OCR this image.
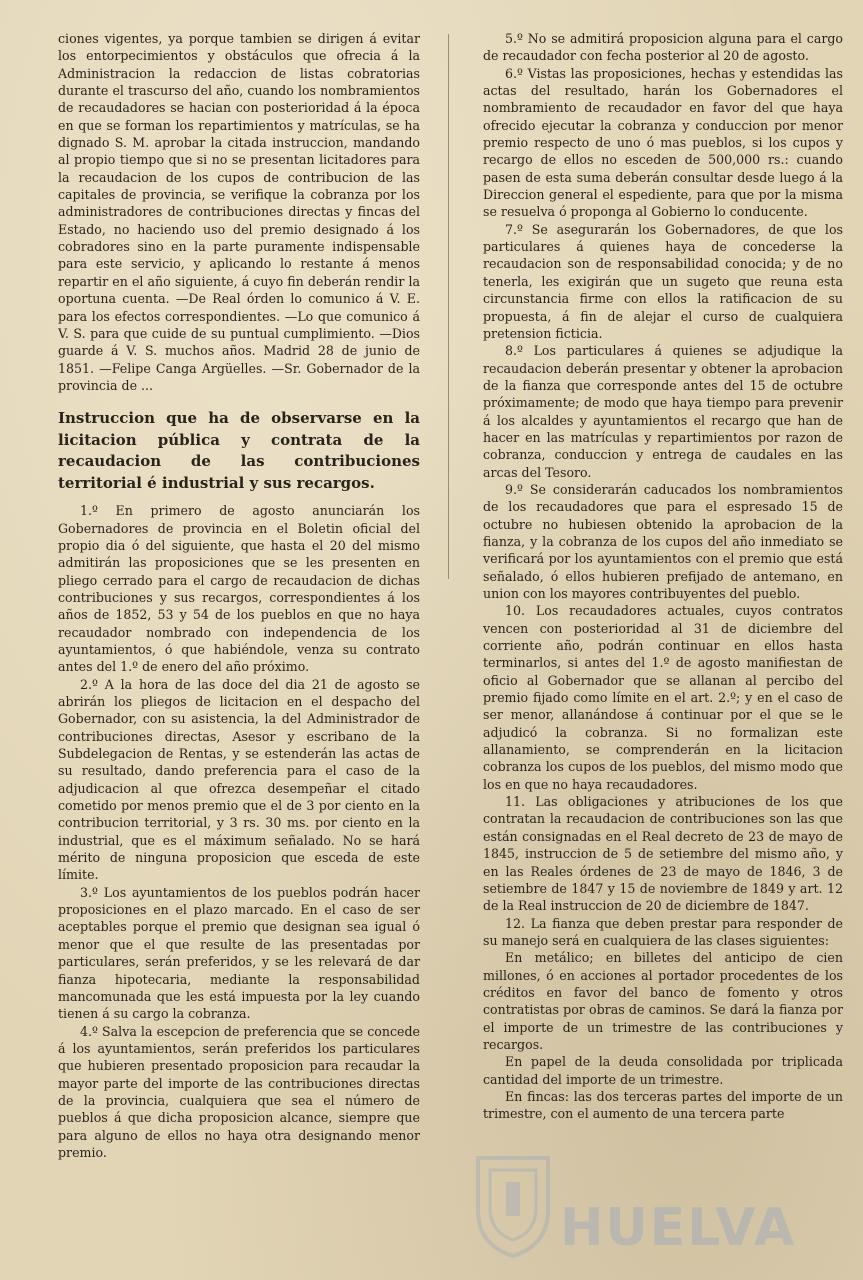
ciones vigentes, ya porque tambien se dirigen á evitar los entorpecimientos y obstáculos que ofrecia á la Administracion la redaccion de listas cobratorias durante el trascurso del año, cuando los nombramientos de recaudadores se hacian con posterioridad á la época en que se forman los repartimientos y matrículas, se ha dignado S. M. aprobar la citada instruccion, mandando al propio tiempo que si no se presentan licitadores para la recaudacion de los cupos de contribucion de las capitales de provincia, se verifique la cobranza por los administradores de contribuciones directas y fincas del Estado, no haciendo uso del premio designado á los cobradores sino en la parte puramente indispensable para este servicio, y aplicando lo restante á menos repartir en el año siguiente, á cuyo fin deberán rendir la oportuna cuenta. —De Real órden lo comunico á V. E. para los efectos correspondientes. —Lo que comunico á V. S. para que cuide de su puntual cumplimiento. —Dios guarde á V. S. muchos años. Madrid 28 de junio de 1851. —Felipe Canga Argüelles. —Sr. Gobernador de la provincia de ...

Instruccion que ha de observarse en la licitacion pública y contrata de la recaudacion de las contribuciones territorial é industrial y sus recargos.

1.º En primero de agosto anunciarán los Gobernadores de provincia en el Boletin oficial del propio dia ó del siguiente, que hasta el 20 del mismo admitirán las proposiciones que se les presenten en pliego cerrado para el cargo de recaudacion de dichas contribuciones y sus recargos, correspondientes á los años de 1852, 53 y 54 de los pueblos en que no haya recaudador nombrado con independencia de los ayuntamientos, ó que habiéndole, venza su contrato antes del 1.º de enero del año próximo.

2.º A la hora de las doce del dia 21 de agosto se abrirán los pliegos de licitacion en el despacho del Gobernador, con su asistencia, la del Administrador de contribuciones directas, Asesor y escribano de la Subdelegacion de Rentas, y se estenderán las actas de su resultado, dando preferencia para el caso de la adjudicacion al que ofrezca desempeñar el citado cometido por menos premio que el de 3 por ciento en la contribucion territorial, y 3 rs. 30 ms. por ciento en la industrial, que es el máximum señalado. No se hará mérito de ninguna proposicion que esceda de este límite.

3.º Los ayuntamientos de los pueblos podrán hacer proposiciones en el plazo marcado. En el caso de ser aceptables porque el premio que designan sea igual ó menor que el que resulte de las presentadas por particulares, serán preferidos, y se les relevará de dar fianza hipotecaria, mediante la responsabilidad mancomunada que les está impuesta por la ley cuando tienen á su cargo la cobranza.

4.º Salva la escepcion de preferencia que se concede á los ayuntamientos, serán preferidos los particulares que hubieren presentado proposicion para recaudar la mayor parte del importe de las contribuciones directas de la provincia, cualquiera que sea el número de pueblos á que dicha proposicion alcance, siempre que para alguno de ellos no haya otra designando menor premio.

5.º No se admitirá proposicion alguna para el cargo de recaudador con fecha posterior al 20 de agosto.

6.º Vistas las proposiciones, hechas y estendidas las actas del resultado, harán los Gobernadores el nombramiento de recaudador en favor del que haya ofrecido ejecutar la cobranza y conduccion por menor premio respecto de uno ó mas pueblos, si los cupos y recargo de ellos no esceden de 500,000 rs.: cuando pasen de esta suma deberán consultar desde luego á la Direccion general el espediente, para que por la misma se resuelva ó proponga al Gobierno lo conducente.

7.º Se asegurarán los Gobernadores, de que los particulares á quienes haya de concederse la recaudacion son de responsabilidad conocida; y de no tenerla, les exigirán que un sugeto que reuna esta circunstancia firme con ellos la ratificacion de su propuesta, á fin de alejar el curso de cualquiera pretension ficticia.

8.º Los particulares á quienes se adjudique la recaudacion deberán presentar y obtener la aprobacion de la fianza que corresponde antes del 15 de octubre próximamente; de modo que haya tiempo para prevenir á los alcaldes y ayuntamientos el recargo que han de hacer en las matrículas y repartimientos por razon de cobranza, conduccion y entrega de caudales en las arcas del Tesoro.

9.º Se considerarán caducados los nombramientos de los recaudadores que para el espresado 15 de octubre no hubiesen obtenido la aprobacion de la fianza, y la cobranza de los cupos del año inmediato se verificará por los ayuntamientos con el premio que está señalado, ó ellos hubieren prefijado de antemano, en union con los mayores contribuyentes del pueblo.

10. Los recaudadores actuales, cuyos contratos vencen con posterioridad al 31 de diciembre del corriente año, podrán continuar en ellos hasta terminarlos, si antes del 1.º de agosto manifiestan de oficio al Gobernador que se allanan al percibo del premio fijado como límite en el art. 2.º; y en el caso de ser menor, allanándose á continuar por el que se le adjudicó la cobranza. Si no formalizan este allanamiento, se comprenderán en la licitacion cobranza los cupos de los pueblos, del mismo modo que los en que no haya recaudadores.

11. Las obligaciones y atribuciones de los que contratan la recaudacion de contribuciones son las que están consignadas en el Real decreto de 23 de mayo de 1845, instruccion de 5 de setiembre del mismo año, y en las Reales órdenes de 23 de mayo de 1846, 3 de setiembre de 1847 y 15 de noviembre de 1849 y art. 12 de la Real instruccion de 20 de diciembre de 1847.

12. La fianza que deben prestar para responder de su manejo será en cualquiera de las clases siguientes:

En metálico; en billetes del anticipo de cien millones, ó en acciones al portador procedentes de los créditos en favor del banco de fomento y otros contratistas por obras de caminos. Se dará la fianza por el importe de un trimestre de las contribuciones y recargos.

En papel de la deuda consolidada por triplicada cantidad del importe de un trimestre.

En fincas: las dos terceras partes del importe de un trimestre, con el aumento de una tercera parte

HUELVA
